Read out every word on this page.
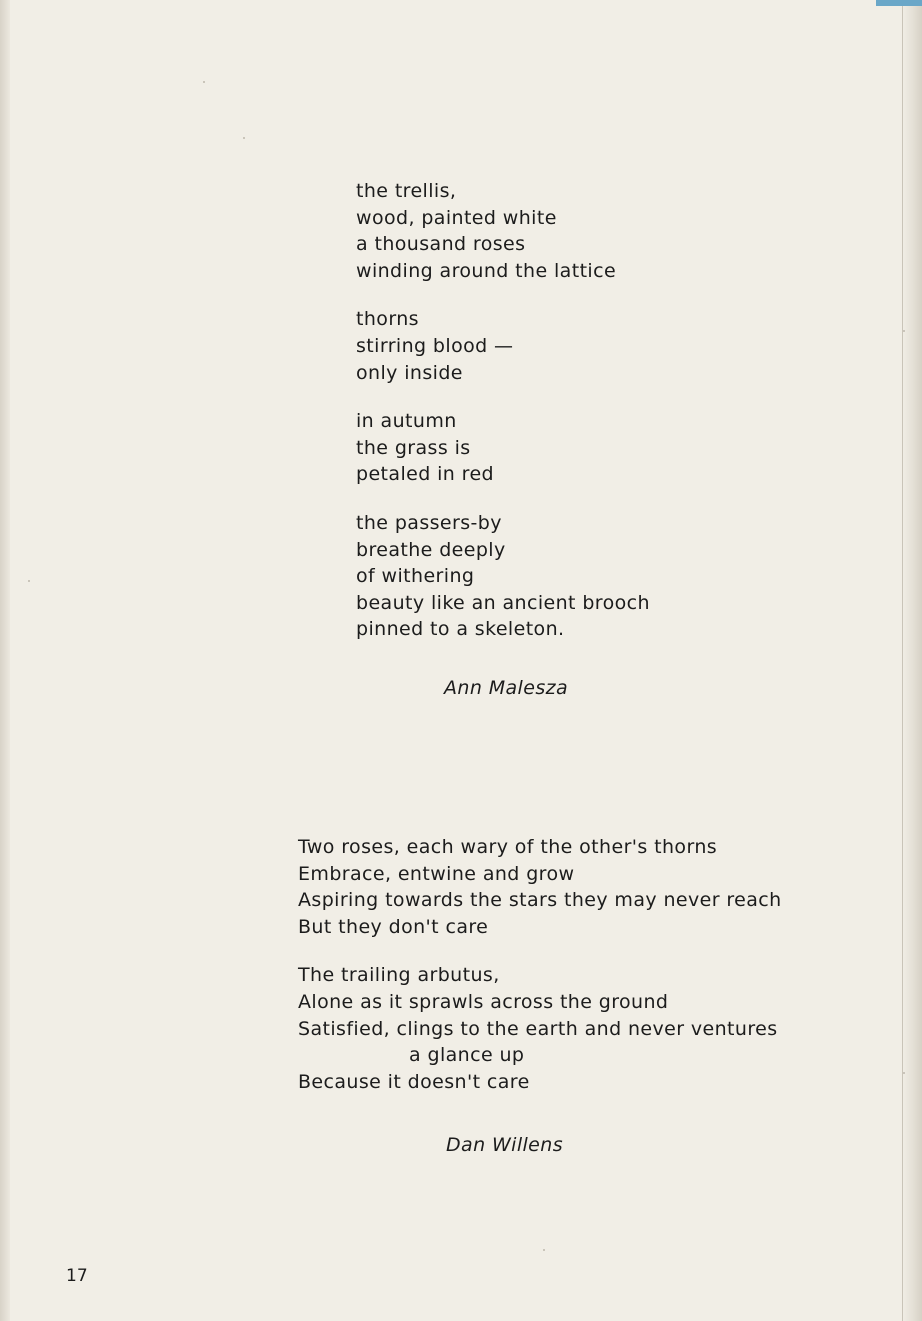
the trellis,
wood, painted white
a thousand roses
winding around the lattice
thorns
stirring blood —
only inside
in autumn
the grass is
petaled in red
the passers-by
breathe deeply
of withering
beauty like an ancient brooch
pinned to a skeleton.
Ann Malesza
Two roses, each wary of the other's thorns
Embrace, entwine and grow
Aspiring towards the stars they may never reach
But they don't care
The trailing arbutus,
Alone as it sprawls across the ground
Satisfied, clings to the earth and never ventures
a glance up
Because it doesn't care
Dan Willens
17
